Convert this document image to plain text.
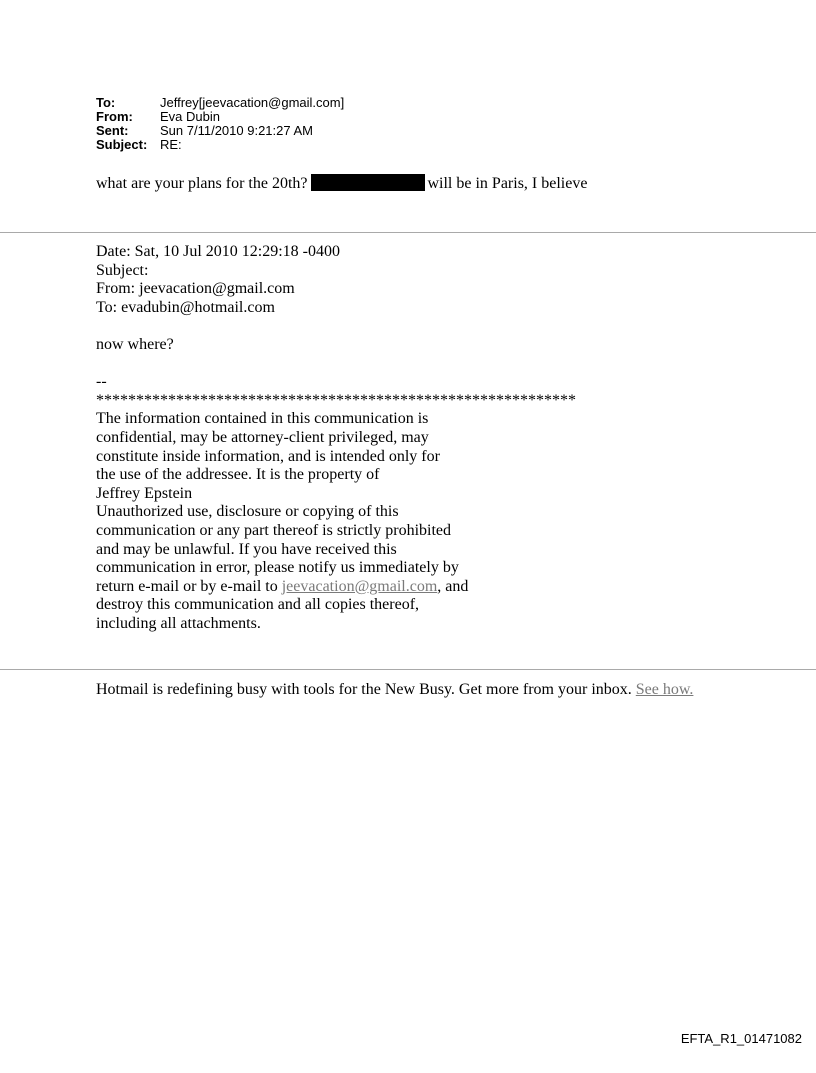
To:	Jeffrey[jeevacation@gmail.com]
From:	Eva Dubin
Sent:	Sun 7/11/2010 9:21:27 AM
Subject: RE:
what are your plans for the 20th?	will be in Paris, I believe
Date: Sat, 10 Jul 2010 12:29:18 -0400
Subject:
From: jeevacation@gmail.com
To: evadubin@hotmail.com
now where?
--
************************************************************
The information contained in this communication is
confidential, may be attorney-client privileged, may
constitute inside information, and is intended only for
the use of the addressee. It is the property of
Jeffrey Epstein
Unauthorized use, disclosure or copying of this
communication or any part thereof is strictly prohibited
and may be unlawful. If you have received this
communication in error, please notify us immediately by
return e-mail or by e-mail to jeevacation@gmail.com, and
destroy this communication and all copies thereof,
including all attachments.
Hotmail is redefining busy with tools for the New Busy. Get more from your inbox. See how.
EFTA_R1_01471082
